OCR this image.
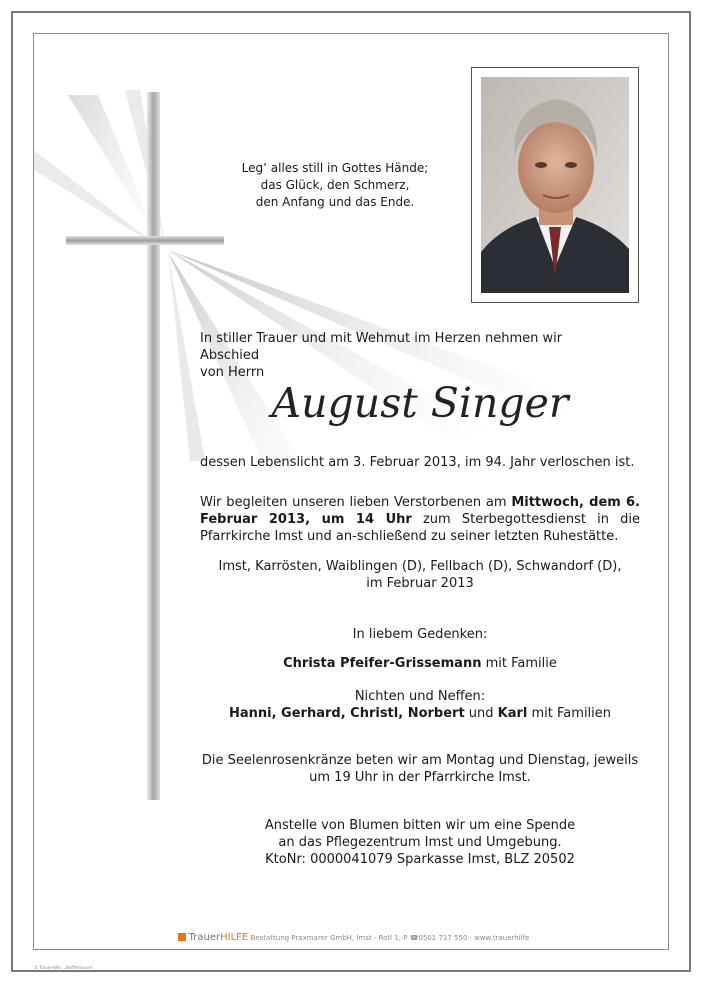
Leg’ alles still in Gottes Hände;
das Glück, den Schmerz,
den Anfang und das Ende.
In stiller Trauer und mit Wehmut im Herzen nehmen wir Abschied
von Herrn
August Singer
dessen Lebenslicht am 3. Februar 2013, im 94. Jahr verloschen ist.
Wir begleiten unseren lieben Verstorbenen am Mittwoch, dem 6. Februar 2013, um 14 Uhr zum Sterbegottesdienst in die Pfarrkirche Imst und an-schließend zu seiner letzten Ruhestätte.
Imst, Karrösten, Waiblingen (D), Fellbach (D), Schwandorf (D),
im Februar 2013
In liebem Gedenken:
Christa Pfeifer-Grissemann mit Familie
Nichten und Neffen:
Hanni, Gerhard, Christl, Norbert und Karl mit Familien
Die Seelenrosenkränze beten wir am Montag und Dienstag, jeweils
um 19 Uhr in der Pfarrkirche Imst.
Anstelle von Blumen bitten wir um eine Spende
an das Pflegezentrum Imst und Umgebung.
KtoNr: 0000041079 Sparkasse Imst, BLZ 20502
TrauerHILFE Bestattung Praxmarer GmbH, Imst - Rotl 1, P ☎0501 717 550 · www.trauerhilfe
© TrauerHilfe, „Stoffelmaurer
